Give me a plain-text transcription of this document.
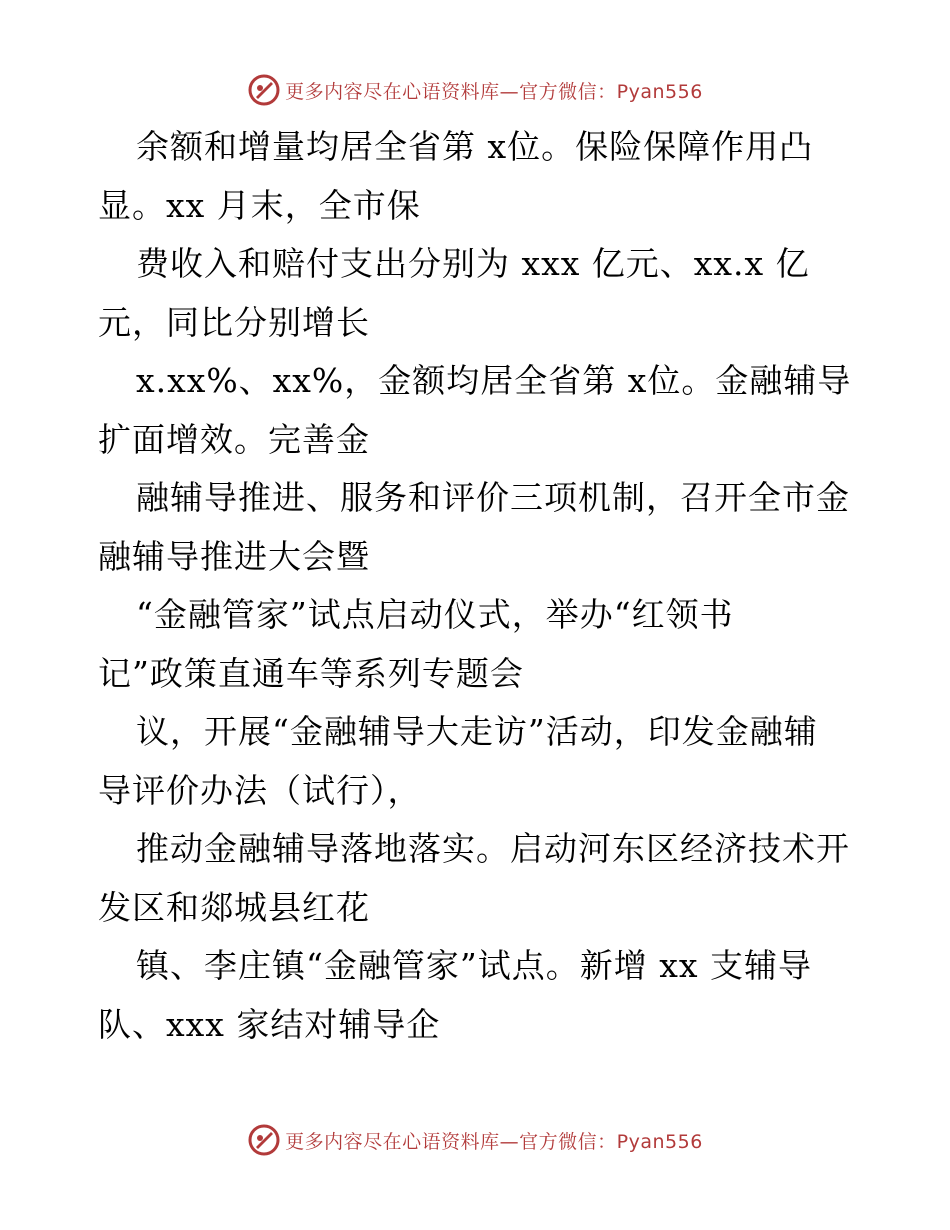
更多内容尽在心语资料库—官方微信：Pyan556
余额和增量均居全省第 x位。保险保障作用凸
显。xx 月末，全市保
费收入和赔付支出分别为 xxx 亿元、xx.x 亿
元，同比分别增长
x.xx%、xx%，金额均居全省第 x位。金融辅导
扩面增效。完善金
融辅导推进、服务和评价三项机制，召开全市金
融辅导推进大会暨
“金融管家”试点启动仪式，举办“红领书
记”政策直通车等系列专题会
议，开展“金融辅导大走访”活动，印发金融辅
导评价办法（试行），
推动金融辅导落地落实。启动河东区经济技术开
发区和郯城县红花
镇、李庄镇“金融管家”试点。新增 xx 支辅导
队、xxx 家结对辅导企
更多内容尽在心语资料库—官方微信：Pyan556
